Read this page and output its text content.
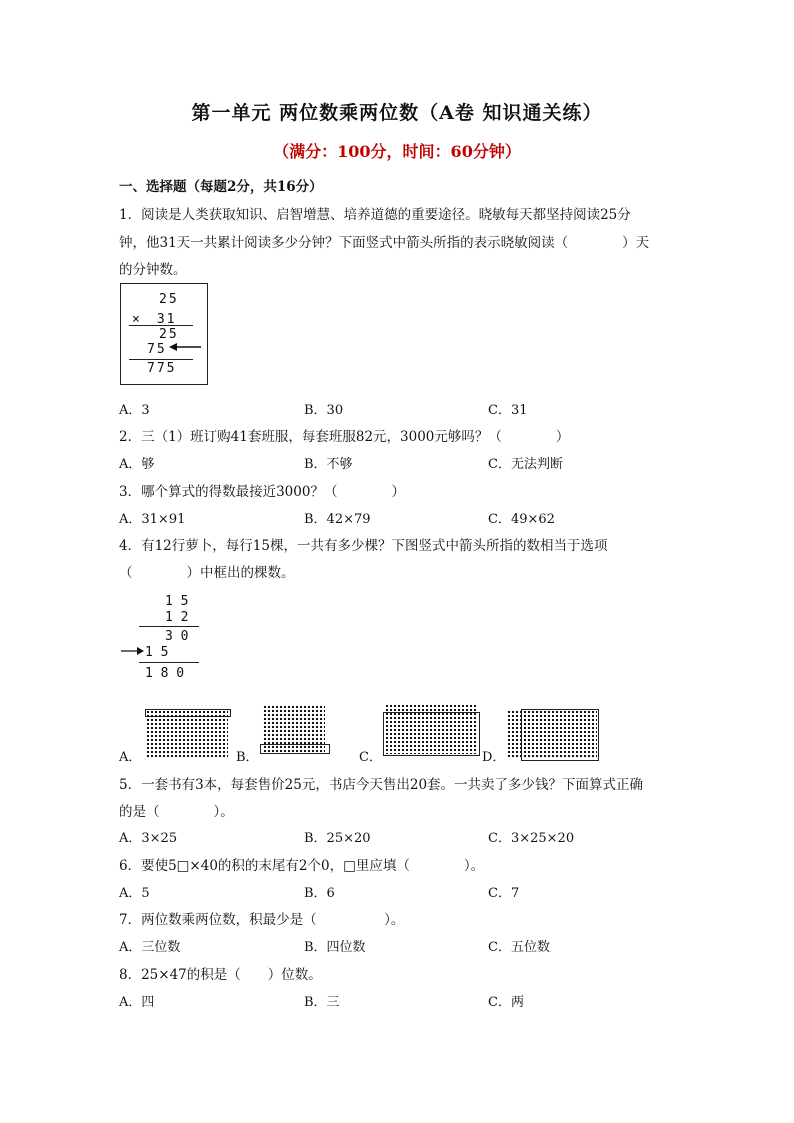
第一单元 两位数乘两位数（A卷 知识通关练）
（满分：100分，时间：60分钟）
一、选择题（每题2分，共16分）
1．阅读是人类获取知识、启智增慧、培养道德的重要途径。晓敏每天都坚持阅读25分
钟，他31天一共累计阅读多少分钟？下面竖式中箭头所指的表示晓敏阅读（　　　　）天
的分钟数。
25
×　31
25
75
775
A．3	B．30	C．31
2．三（1）班订购41套班服，每套班服82元，3000元够吗？（　　　　）
A．够	B．不够	C．无法判断
3．哪个算式的得数最接近3000？（　　　　）
A．31×91	B．42×79	C．49×62
4．有12行萝卜，每行15棵，一共有多少棵？下图竖式中箭头所指的数相当于选项
（　　　　）中框出的棵数。
1 5
1 2
3 0
1 5
1 8 0
A．	B．	C．	D．
5．一套书有3本，每套售价25元，书店今天售出20套。一共卖了多少钱？下面算式正确
的是（　　　　）。
A．3×25	B．25×20	C．3×25×20
6．要使5□×40的积的末尾有2个0，□里应填（　　　　）。
A．5	B．6	C．7
7．两位数乘两位数，积最少是（　　　　　）。
A．三位数	B．四位数	C．五位数
8．25×47的积是（　　）位数。
A．四	B．三	C．两
